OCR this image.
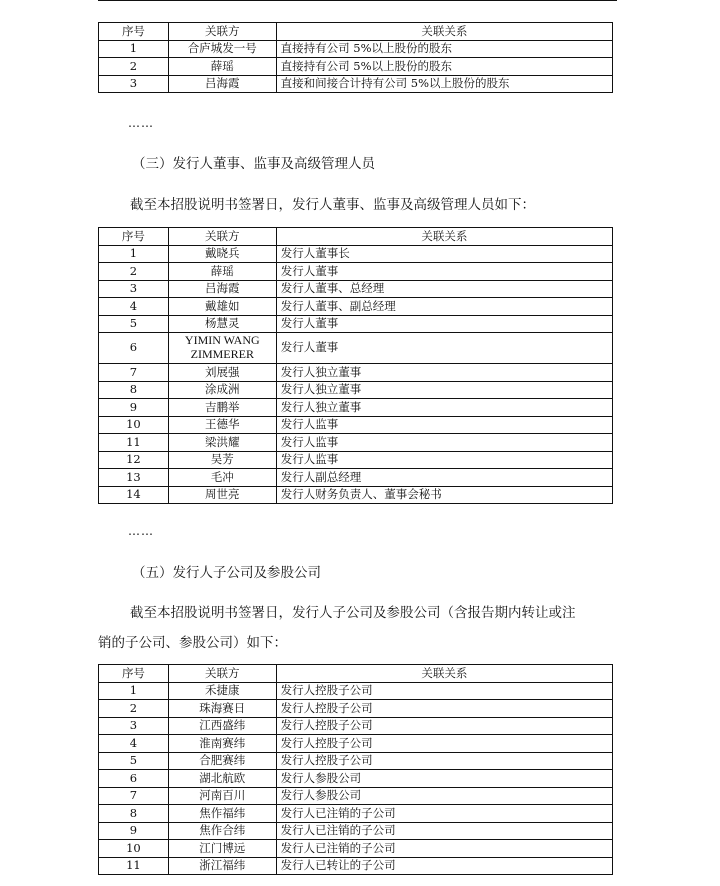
序号	关联方	关联关系
1	合庐城发一号	直接持有公司 5%以上股份的股东
2	薛瑶	直接持有公司 5%以上股份的股东
3	吕海霞	直接和间接合计持有公司 5%以上股份的股东
……
（三）发行人董事、监事及高级管理人员
截至本招股说明书签署日，发行人董事、监事及高级管理人员如下：
序号	关联方	关联关系
1	戴晓兵	发行人董事长
2	薛瑶	发行人董事
3	吕海霞	发行人董事、总经理
4	戴雄如	发行人董事、副总经理
5	杨慧灵	发行人董事
6	YIMIN WANG
ZIMMERER	发行人董事
7	刘展强	发行人独立董事
8	涂成洲	发行人独立董事
9	吉鹏举	发行人独立董事
10	王德华	发行人监事
11	梁洪耀	发行人监事
12	吴芳	发行人监事
13	毛冲	发行人副总经理
14	周世亮	发行人财务负责人、董事会秘书
……
（五）发行人子公司及参股公司
截至本招股说明书签署日，发行人子公司及参股公司（含报告期内转让或注
销的子公司、参股公司）如下：
序号	关联方	关联关系
1	禾捷康	发行人控股子公司
2	珠海赛日	发行人控股子公司
3	江西盛纬	发行人控股子公司
4	淮南赛纬	发行人控股子公司
5	合肥赛纬	发行人控股子公司
6	湖北航欧	发行人参股公司
7	河南百川	发行人参股公司
8	焦作福纬	发行人已注销的子公司
9	焦作合纬	发行人已注销的子公司
10	江门博远	发行人已注销的子公司
11	浙江福纬	发行人已转让的子公司
